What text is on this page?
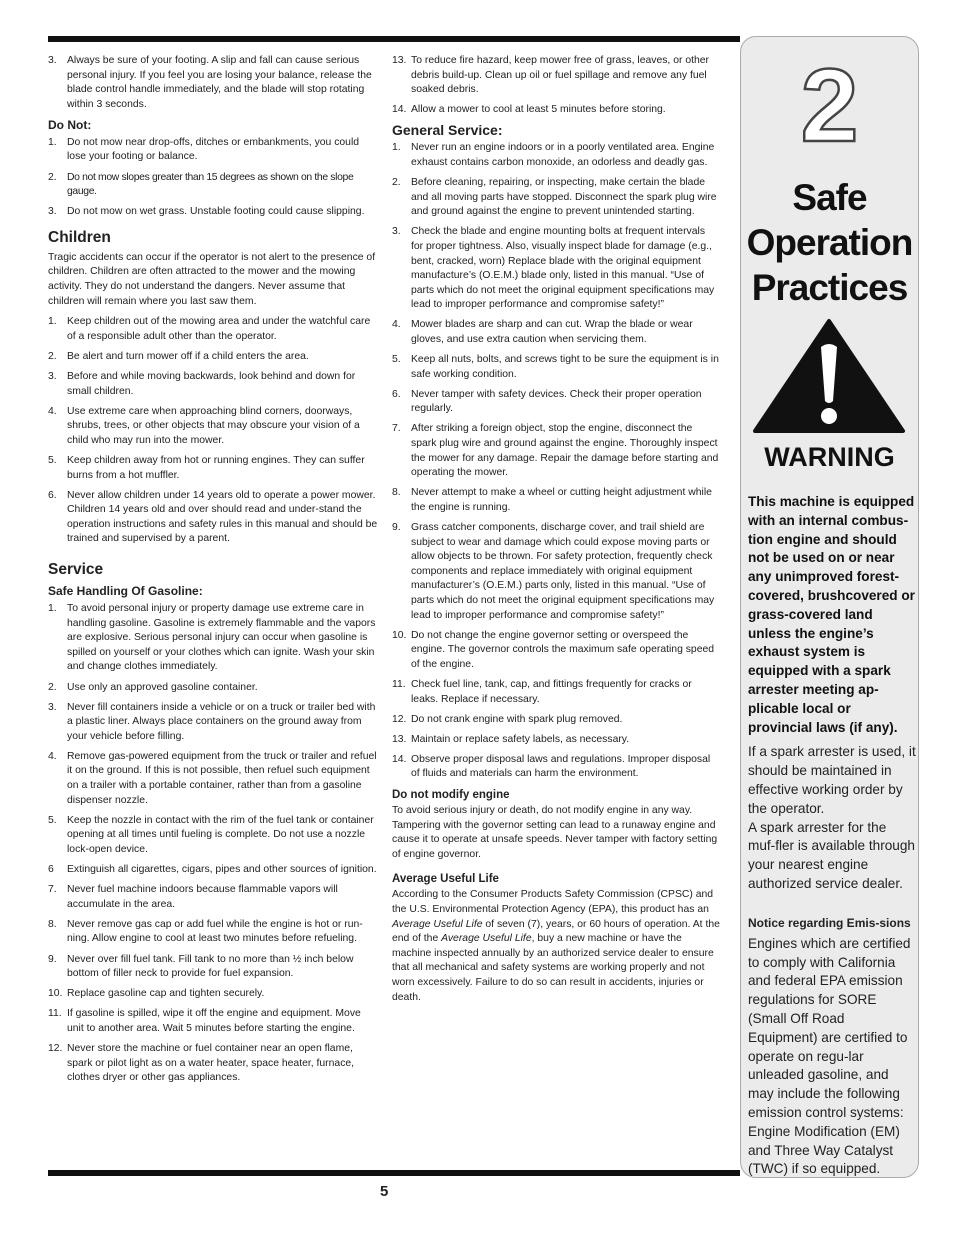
3. Always be sure of your footing. A slip and fall can cause serious personal injury. If you feel you are losing your balance, release the blade control handle immediately, and the blade will stop rotating within 3 seconds.
Do Not:
1. Do not mow near drop-offs, ditches or embankments, you could lose your footing or balance.
2. Do not mow slopes greater than 15 degrees as shown on the slope gauge.
3. Do not mow on wet grass. Unstable footing could cause slipping.
Children

Tragic accidents can occur if the operator is not alert to the presence of children. Children are often attracted to the mower and the mowing activity. They do not understand the dangers. Never assume that children will remain where you last saw them.

1. Keep children out of the mowing area and under the watchful care of a responsible adult other than the operator.
2. Be alert and turn mower off if a child enters the area.
3. Before and while moving backwards, look behind and down for small children.
4. Use extreme care when approaching blind corners, doorways, shrubs, trees, or other objects that may obscure your vision of a child who may run into the mower.
5. Keep children away from hot or running engines. They can suffer burns from a hot muffler.
6. Never allow children under 14 years old to operate a power mower. Children 14 years old and over should read and under-stand the operation instructions and safety rules in this manual and should be trained and supervised by a parent.
Service
Safe Handling Of Gasoline:
1. To avoid personal injury or property damage use extreme care in handling gasoline. Gasoline is extremely flammable and the vapors are explosive. Serious personal injury can occur when gasoline is spilled on yourself or your clothes which can ignite. Wash your skin and change clothes immediately.
2. Use only an approved gasoline container.
3. Never fill containers inside a vehicle or on a truck or trailer bed with a plastic liner. Always place containers on the ground away from your vehicle before filling.
4. Remove gas-powered equipment from the truck or trailer and refuel it on the ground. If this is not possible, then refuel such equipment on a trailer with a portable container, rather than from a gasoline dispenser nozzle.
5. Keep the nozzle in contact with the rim of the fuel tank or container opening at all times until fueling is complete. Do not use a nozzle lock-open device.
6 Extinguish all cigarettes, cigars, pipes and other sources of ignition.
7. Never fuel machine indoors because flammable vapors will accumulate in the area.
8. Never remove gas cap or add fuel while the engine is hot or run-ning. Allow engine to cool at least two minutes before refueling.
9. Never over fill fuel tank. Fill tank to no more than ½ inch below bottom of filler neck to provide for fuel expansion.
10. Replace gasoline cap and tighten securely.
11. If gasoline is spilled, wipe it off the engine and equipment. Move unit to another area. Wait 5 minutes before starting the engine.
12. Never store the machine or fuel container near an open flame, spark or pilot light as on a water heater, space heater, furnace, clothes dryer or other gas appliances.
13. To reduce fire hazard, keep mower free of grass, leaves, or other debris build-up. Clean up oil or fuel spillage and remove any fuel soaked debris.
14. Allow a mower to cool at least 5 minutes before storing.
General Service:
1. Never run an engine indoors or in a poorly ventilated area. Engine exhaust contains carbon monoxide, an odorless and deadly gas.
2. Before cleaning, repairing, or inspecting, make certain the blade and all moving parts have stopped. Disconnect the spark plug wire and ground against the engine to prevent unintended starting.
3. Check the blade and engine mounting bolts at frequent intervals for proper tightness. Also, visually inspect blade for damage (e.g., bent, cracked, worn) Replace blade with the original equipment manufacture’s (O.E.M.) blade only, listed in this manual. “Use of parts which do not meet the original equipment specifications may lead to improper performance and compromise safety!”
4. Mower blades are sharp and can cut. Wrap the blade or wear gloves, and use extra caution when servicing them.
5. Keep all nuts, bolts, and screws tight to be sure the equipment is in safe working condition.
6. Never tamper with safety devices. Check their proper operation regularly.
7. After striking a foreign object, stop the engine, disconnect the spark plug wire and ground against the engine. Thoroughly inspect the mower for any damage. Repair the damage before starting and operating the mower.
8. Never attempt to make a wheel or cutting height adjustment while the engine is running.
9. Grass catcher components, discharge cover, and trail shield are subject to wear and damage which could expose moving parts or allow objects to be thrown. For safety protection, frequently check components and replace immediately with original equipment manufacturer’s (O.E.M.) parts only, listed in this manual. “Use of parts which do not meet the original equipment specifications may lead to improper performance and compromise safety!”
10. Do not change the engine governor setting or overspeed the engine. The governor controls the maximum safe operating speed of the engine.
11. Check fuel line, tank, cap, and fittings frequently for cracks or leaks. Replace if necessary.
12. Do not crank engine with spark plug removed.
13. Maintain or replace safety labels, as necessary.
14. Observe proper disposal laws and regulations. Improper disposal of fluids and materials can harm the environment.
Do not modify engine

To avoid serious injury or death, do not modify engine in any way. Tampering with the governor setting can lead to a runaway engine and cause it to operate at unsafe speeds. Never tamper with factory setting of engine governor.

Average Useful Life

According to the Consumer Products Safety Commission (CPSC) and the U.S. Environmental Protection Agency (EPA), this product has an Average Useful Life of seven (7), years, or 60 hours of operation. At the end of the Average Useful Life, buy a new machine or have the machine inspected annually by an authorized service dealer to ensure that all mechanical and safety systems are working properly and not worn excessively. Failure to do so can result in accidents, injuries or death.

2
Safe
Operation
Practices
WARNING
This machine is equipped with an internal combus-tion engine and should not be used on or near any unimproved forest-covered, brushcovered or grass-covered land unless the engine’s exhaust system is equipped with a spark arrester meeting ap-plicable local or provincial laws (if any).
If a spark arrester is used, it should be maintained in effective working order by the operator.
A spark arrester for the muf-fler is available through your nearest engine authorized service dealer.
Notice regarding Emis-sions
Engines which are certified to comply with California and federal EPA emission regulations for SORE (Small Off Road Equipment) are certified to operate on regu-lar unleaded gasoline, and may include the following emission control systems: Engine Modification (EM) and Three Way Catalyst (TWC) if so equipped.
5
